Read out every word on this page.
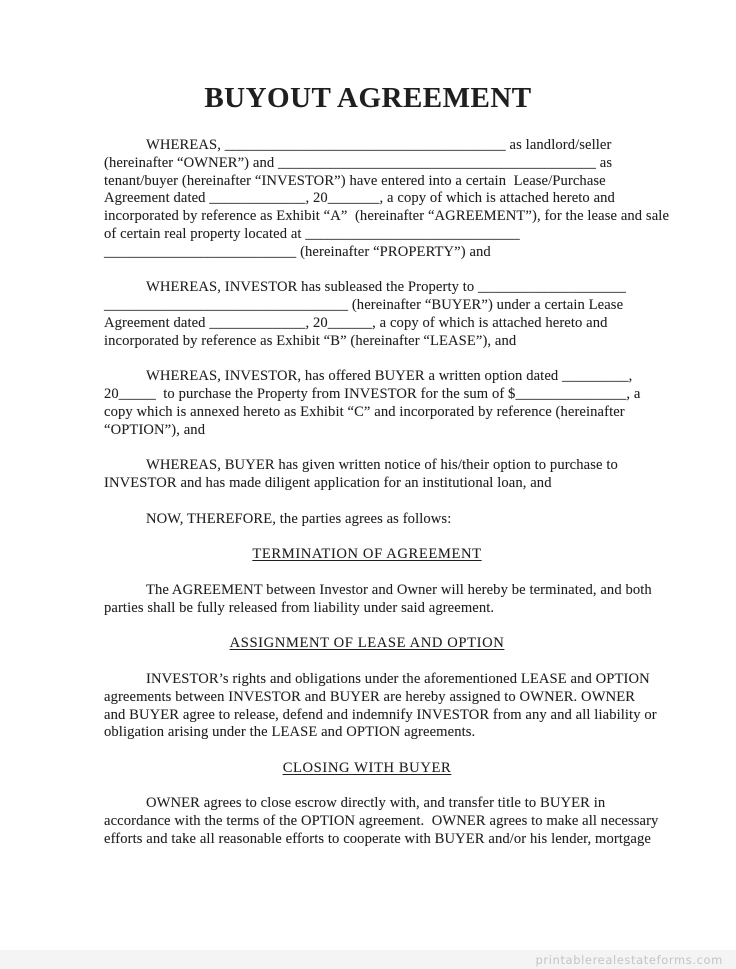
BUYOUT AGREEMENT
WHEREAS, ______________________________________ as landlord/seller
(hereinafter “OWNER”) and ___________________________________________ as
tenant/buyer (hereinafter “INVESTOR”) have entered into a certain  Lease/Purchase
Agreement dated _____________, 20_______, a copy of which is attached hereto and
incorporated by reference as Exhibit “A”  (hereinafter “AGREEMENT”), for the lease and sale
of certain real property located at _____________________________
__________________________ (hereinafter “PROPERTY”) and
WHEREAS, INVESTOR has subleased the Property to ____________________
_________________________________ (hereinafter “BUYER”) under a certain Lease
Agreement dated _____________, 20______, a copy of which is attached hereto and
incorporated by reference as Exhibit “B” (hereinafter “LEASE”), and
WHEREAS, INVESTOR, has offered BUYER a written option dated _________,
20_____  to purchase the Property from INVESTOR for the sum of $_______________, a
copy which is annexed hereto as Exhibit “C” and incorporated by reference (hereinafter
“OPTION”), and
WHEREAS, BUYER has given written notice of his/their option to purchase to
INVESTOR and has made diligent application for an institutional loan, and
NOW, THEREFORE, the parties agrees as follows:
TERMINATION OF AGREEMENT
The AGREEMENT between Investor and Owner will hereby be terminated, and both
parties shall be fully released from liability under said agreement.
ASSIGNMENT OF LEASE AND OPTION
INVESTOR’s rights and obligations under the aforementioned LEASE and OPTION
agreements between INVESTOR and BUYER are hereby assigned to OWNER. OWNER
and BUYER agree to release, defend and indemnify INVESTOR from any and all liability or
obligation arising under the LEASE and OPTION agreements.
CLOSING WITH BUYER
OWNER agrees to close escrow directly with, and transfer title to BUYER in
accordance with the terms of the OPTION agreement.  OWNER agrees to make all necessary
efforts and take all reasonable efforts to cooperate with BUYER and/or his lender, mortgage
printablerealestateforms.com
